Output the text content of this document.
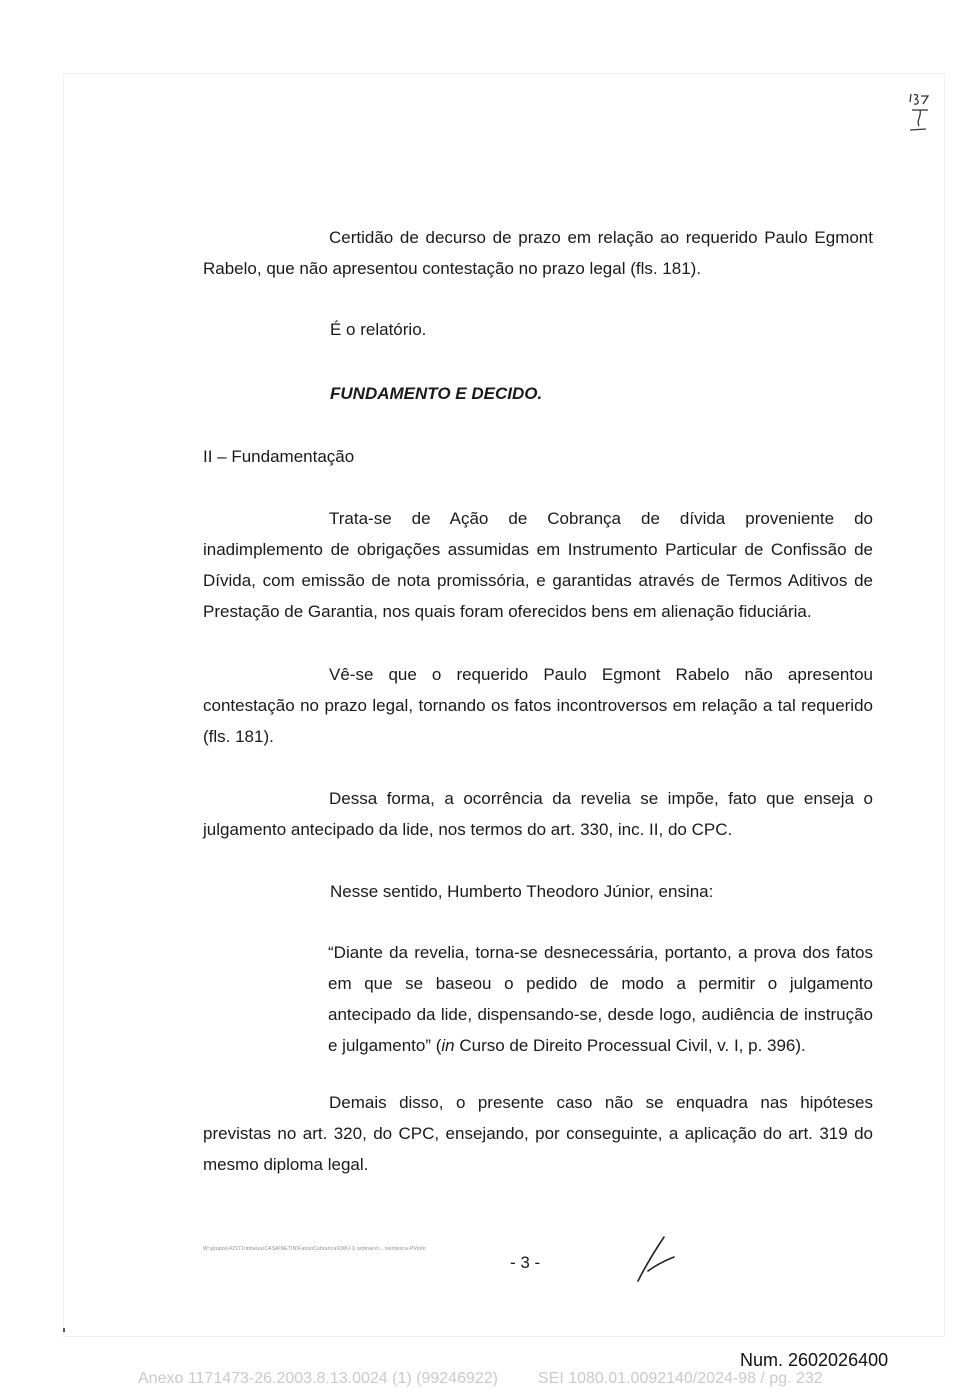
Certidão de decurso de prazo em relação ao requerido Paulo Egmont Rabelo, que não apresentou contestação no prazo legal (fls. 181).

É o relatório.
FUNDAMENTO E DECIDO.
II – Fundamentação

Trata-se de Ação de Cobrança de dívida proveniente do inadimplemento de obrigações assumidas em Instrumento Particular de Confissão de Dívida, com emissão de nota promissória, e garantidas através de Termos Aditivos de Prestação de Garantia, nos quais foram oferecidos bens em alienação fiduciária.

Vê-se que o requerido Paulo Egmont Rabelo não apresentou contestação no prazo legal, tornando os fatos incontroversos em relação a tal requerido (fls. 181).

Dessa forma, a ocorrência da revelia se impõe, fato que enseja o julgamento antecipado da lide, nos termos do art. 330, inc. II, do CPC.

Nesse sentido, Humberto Theodoro Júnior, ensina:

“Diante da revelia, torna-se desnecessária, portanto, a prova dos fatos em que se baseou o pedido de modo a permitir o julgamento antecipado da lide, dispensando-se, desde logo, audiência de instrução e julgamento” (in Curso de Direito Processual Civil, v. I, p. 396).

Demais disso, o presente caso não se enquadra nas hipóteses previstas no art. 320, do CPC, ensejando, por conseguinte, a aplicação do art. 319 do mesmo diploma legal.

W:\grupos\42171\mbaixa\CASA\NETIN\Fatos\Cobranca\DMU-X ordinario\...\sentenca-PVinfo
- 3 -
Num. 2602026400
Anexo 1171473-26.2003.8.13.0024 (1) (99246922)	SEI 1080.01.0092140/2024-98 / pg. 232
